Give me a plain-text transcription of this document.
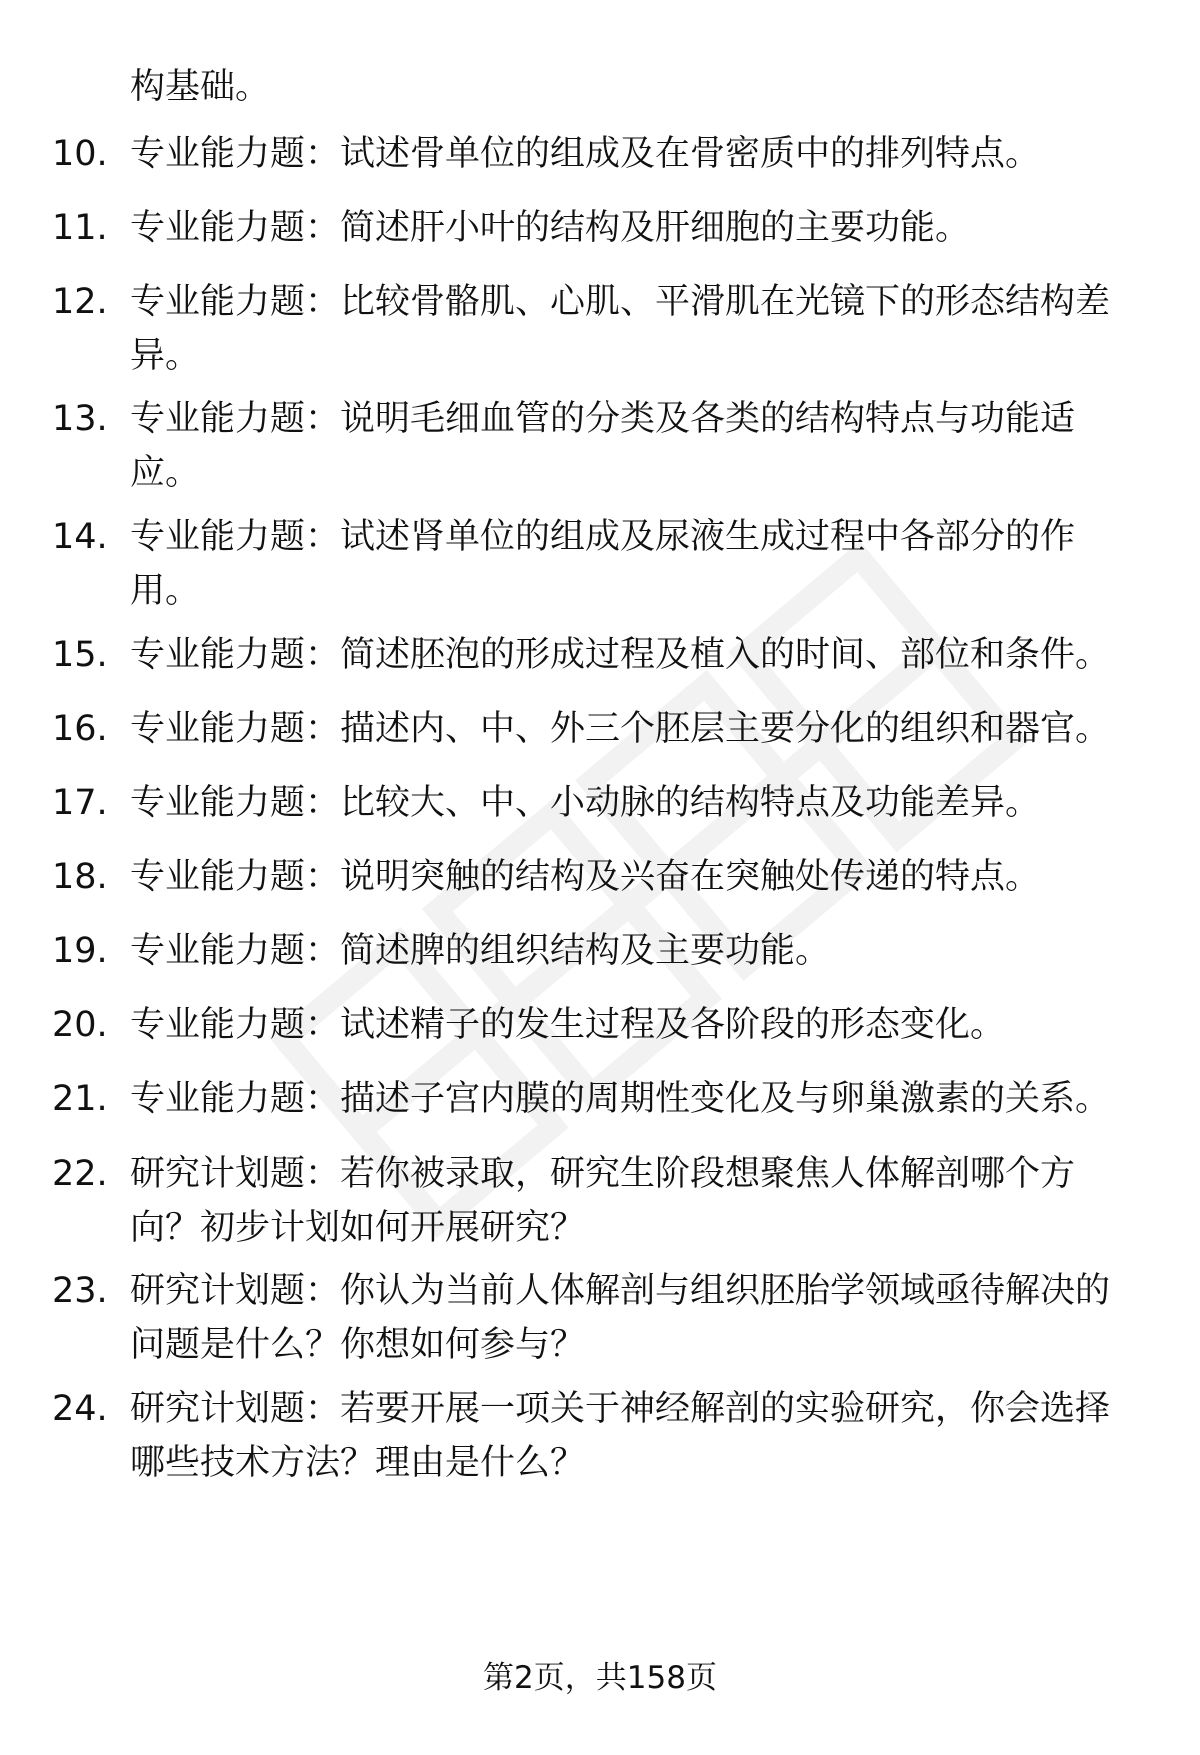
构基础。
10. 专业能力题：试述骨单位的组成及在骨密质中的排列特点。
11. 专业能力题：简述肝小叶的结构及肝细胞的主要功能。
12. 专业能力题：比较骨骼肌、心肌、平滑肌在光镜下的形态结构差异。
13. 专业能力题：说明毛细血管的分类及各类的结构特点与功能适应。
14. 专业能力题：试述肾单位的组成及尿液生成过程中各部分的作用。
15. 专业能力题：简述胚泡的形成过程及植入的时间、部位和条件。
16. 专业能力题：描述内、中、外三个胚层主要分化的组织和器官。
17. 专业能力题：比较大、中、小动脉的结构特点及功能差异。
18. 专业能力题：说明突触的结构及兴奋在突触处传递的特点。
19. 专业能力题：简述脾的组织结构及主要功能。
20. 专业能力题：试述精子的发生过程及各阶段的形态变化。
21. 专业能力题：描述子宫内膜的周期性变化及与卵巢激素的关系。
22. 研究计划题：若你被录取，研究生阶段想聚焦人体解剖哪个方向？初步计划如何开展研究？
23. 研究计划题：你认为当前人体解剖与组织胚胎学领域亟待解决的问题是什么？你想如何参与？
24. 研究计划题：若要开展一项关于神经解剖的实验研究，你会选择哪些技术方法？理由是什么？
第2页，共158页
